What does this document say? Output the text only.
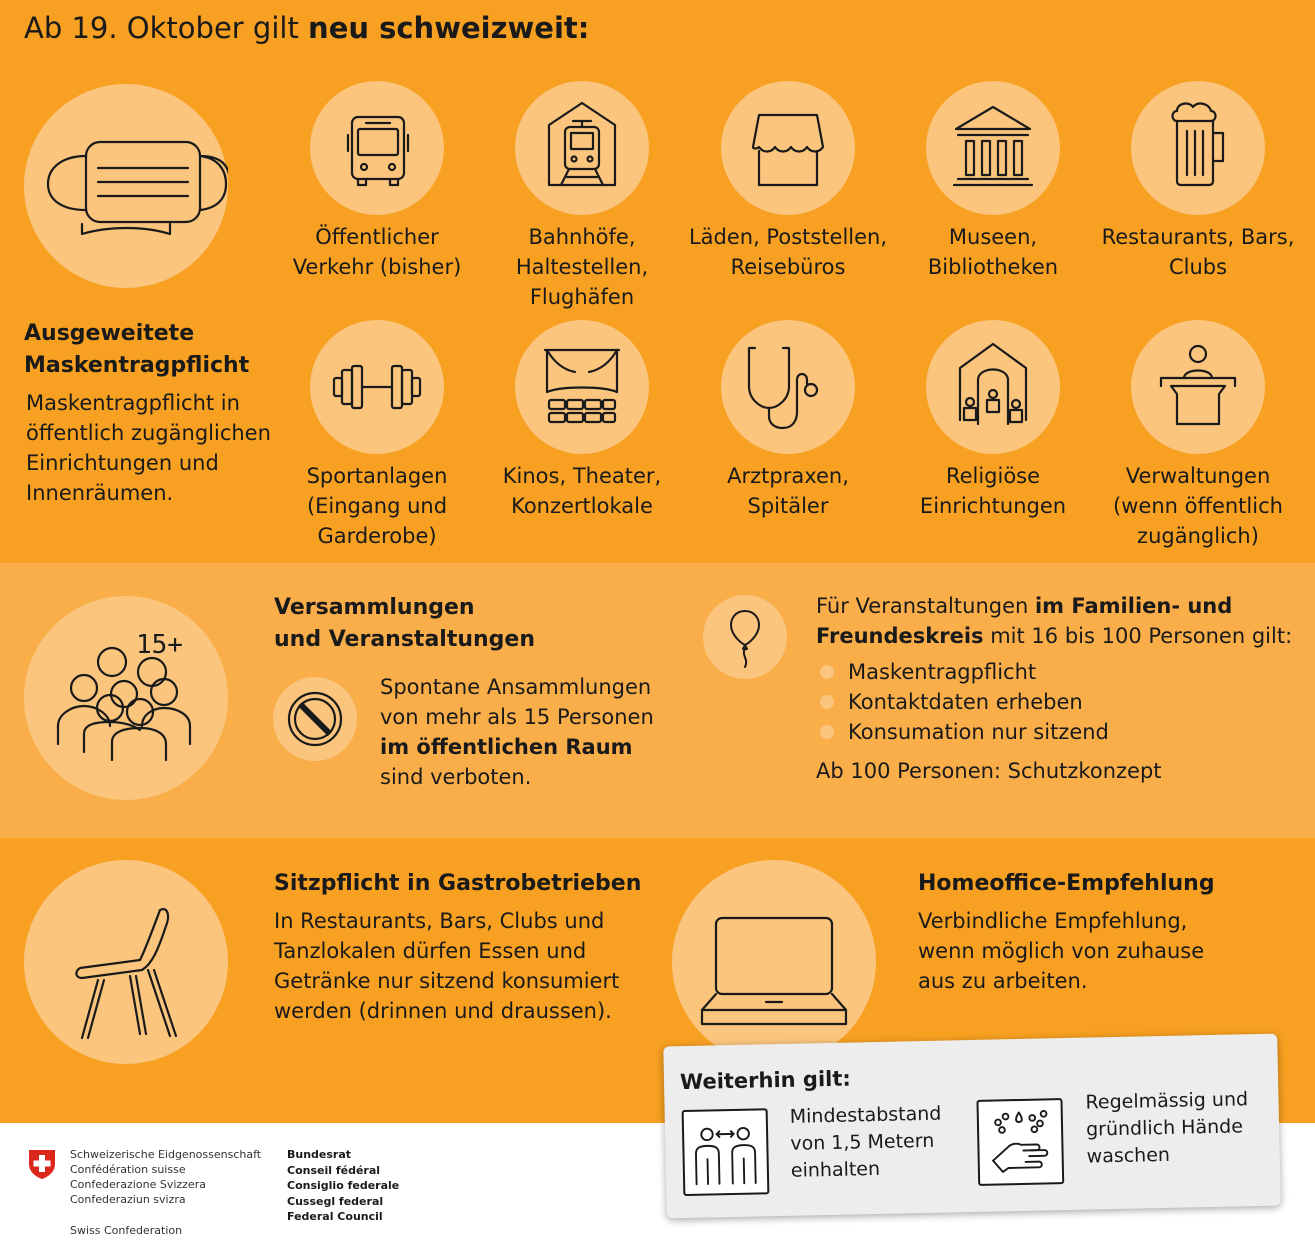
Ab 19. Oktober gilt neu schweizweit:
Ausgeweitete Maskentragpflicht
Maskentragpflicht in öffentlich zugänglichen Einrichtungen und Innenräumen.
Öffentlicher Verkehr (bisher)
Bahnhöfe, Haltestellen, Flughäfen
Läden, Poststellen, Reisebüros
Museen, Bibliotheken
Restaurants, Bars, Clubs
Sportanlagen (Eingang und Garderobe)
Kinos, Theater, Konzertlokale
Arztpraxen, Spitäler
Religiöse Einrichtungen
Verwaltungen (wenn öffentlich zugänglich)
15+
Versammlungen
und Veranstaltungen
Spontane Ansammlungen
von mehr als 15 Personen
im öffentlichen Raum
sind verboten.
Für Veranstaltungen im Familien- und
Freundeskreis mit 16 bis 100 Personen gilt:
Maskentragpflicht
Kontaktdaten erheben
Konsumation nur sitzend
Ab 100 Personen: Schutzkonzept
Sitzpflicht in Gastrobetrieben
In Restaurants, Bars, Clubs und Tanzlokalen dürfen Essen und Getränke nur sitzend konsumiert werden (drinnen und draussen).
Homeoffice-Empfehlung
Verbindliche Empfehlung, wenn möglich von zuhause aus zu arbeiten.
Weiterhin gilt:
Mindestabstand von 1,5 Metern einhalten
Regelmässig und gründlich Hände waschen
Schweizerische Eidgenossenschaft
Confédération suisse
Confederazione Svizzera
Confederaziun svizra
Swiss Confederation
Bundesrat
Conseil fédéral
Consiglio federale
Cussegl federal
Federal Council
